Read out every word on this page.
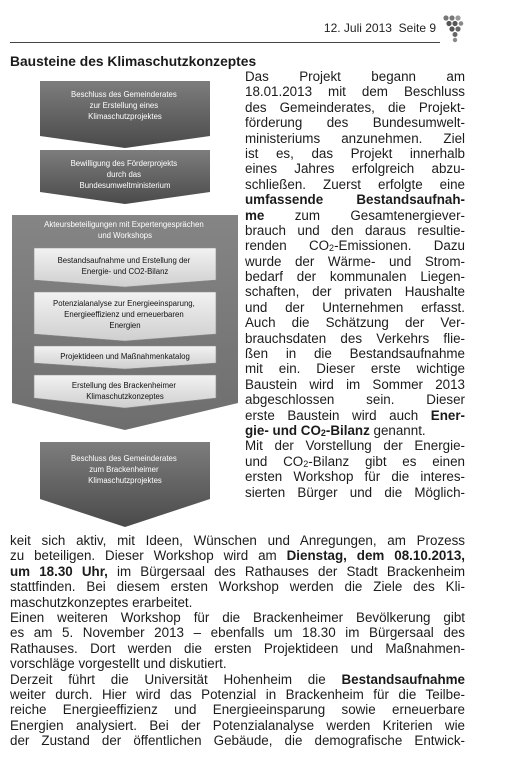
12. Juli 2013 Seite 9
Bausteine des Klimaschutzkonzeptes
Beschluss des Gemeinderates zur Erstellung eines Klimaschutzprojektes
Bewilligung des Förderprojekts durch das Bundesumweltministerium
Akteursbeteiligungen mit Expertengesprächen und Workshops
Bestandsaufnahme und Erstellung der Energie- und CO2-Bilanz
Potenzialanalyse zur Energieeinsparung, Energieeffizienz und erneuerbaren Energien
Projektideen und Maßnahmenkatalog
Erstellung des Brackenheimer Klimaschutzkonzeptes
Beschluss des Gemeinderates zum Brackenheimer Klimaschutzprojektes
Das Projekt begann am
18.01.2013 mit dem Beschluss
des Gemeinderates, die Projekt-
förderung des Bundesumwelt-
ministeriums anzunehmen. Ziel
ist es, das Projekt innerhalb
eines Jahres erfolgreich abzu-
schließen. Zuerst erfolgte eine
umfassende Bestandsaufnah-
me zum Gesamtenergiever-
brauch und den daraus resultie-
renden $CO_2$-Emissionen. Dazu
wurde der Wärme- und Strom-
bedarf der kommunalen Liegen-
schaften, der privaten Haushalte
und der Unternehmen erfasst.
Auch die Schätzung der Ver-
brauchsdaten des Verkehrs flie-
ßen in die Bestandsaufnahme
mit ein. Dieser erste wichtige
Baustein wird im Sommer 2013
abgeschlossen sein. Dieser
erste Baustein wird auch Ener-
gie- und $CO_2$-Bilanz genannt.
Mit der Vorstellung der Energie-
und $CO_2$-Bilanz gibt es einen
ersten Workshop für die interes-
sierten Bürger und die Möglich-
keit sich aktiv, mit Ideen, Wünschen und Anregungen, am Prozess
zu beteiligen. Dieser Workshop wird am Dienstag, dem 08.10.2013,
um 18.30 Uhr, im Bürgersaal des Rathauses der Stadt Brackenheim
stattfinden. Bei diesem ersten Workshop werden die Ziele des Kli-
maschutzkonzeptes erarbeitet.
Einen weiteren Workshop für die Brackenheimer Bevölkerung gibt
es am 5. November 2013 – ebenfalls um 18.30 im Bürgersaal des
Rathauses. Dort werden die ersten Projektideen und Maßnahmen-
vorschläge vorgestellt und diskutiert.
Derzeit führt die Universität Hohenheim die Bestandsaufnahme
weiter durch. Hier wird das Potenzial in Brackenheim für die Teilbe-
reiche Energieeffizienz und Energieeinsparung sowie erneuerbare
Energien analysiert. Bei der Potenzialanalyse werden Kriterien wie
der Zustand der öffentlichen Gebäude, die demografische Entwick-
